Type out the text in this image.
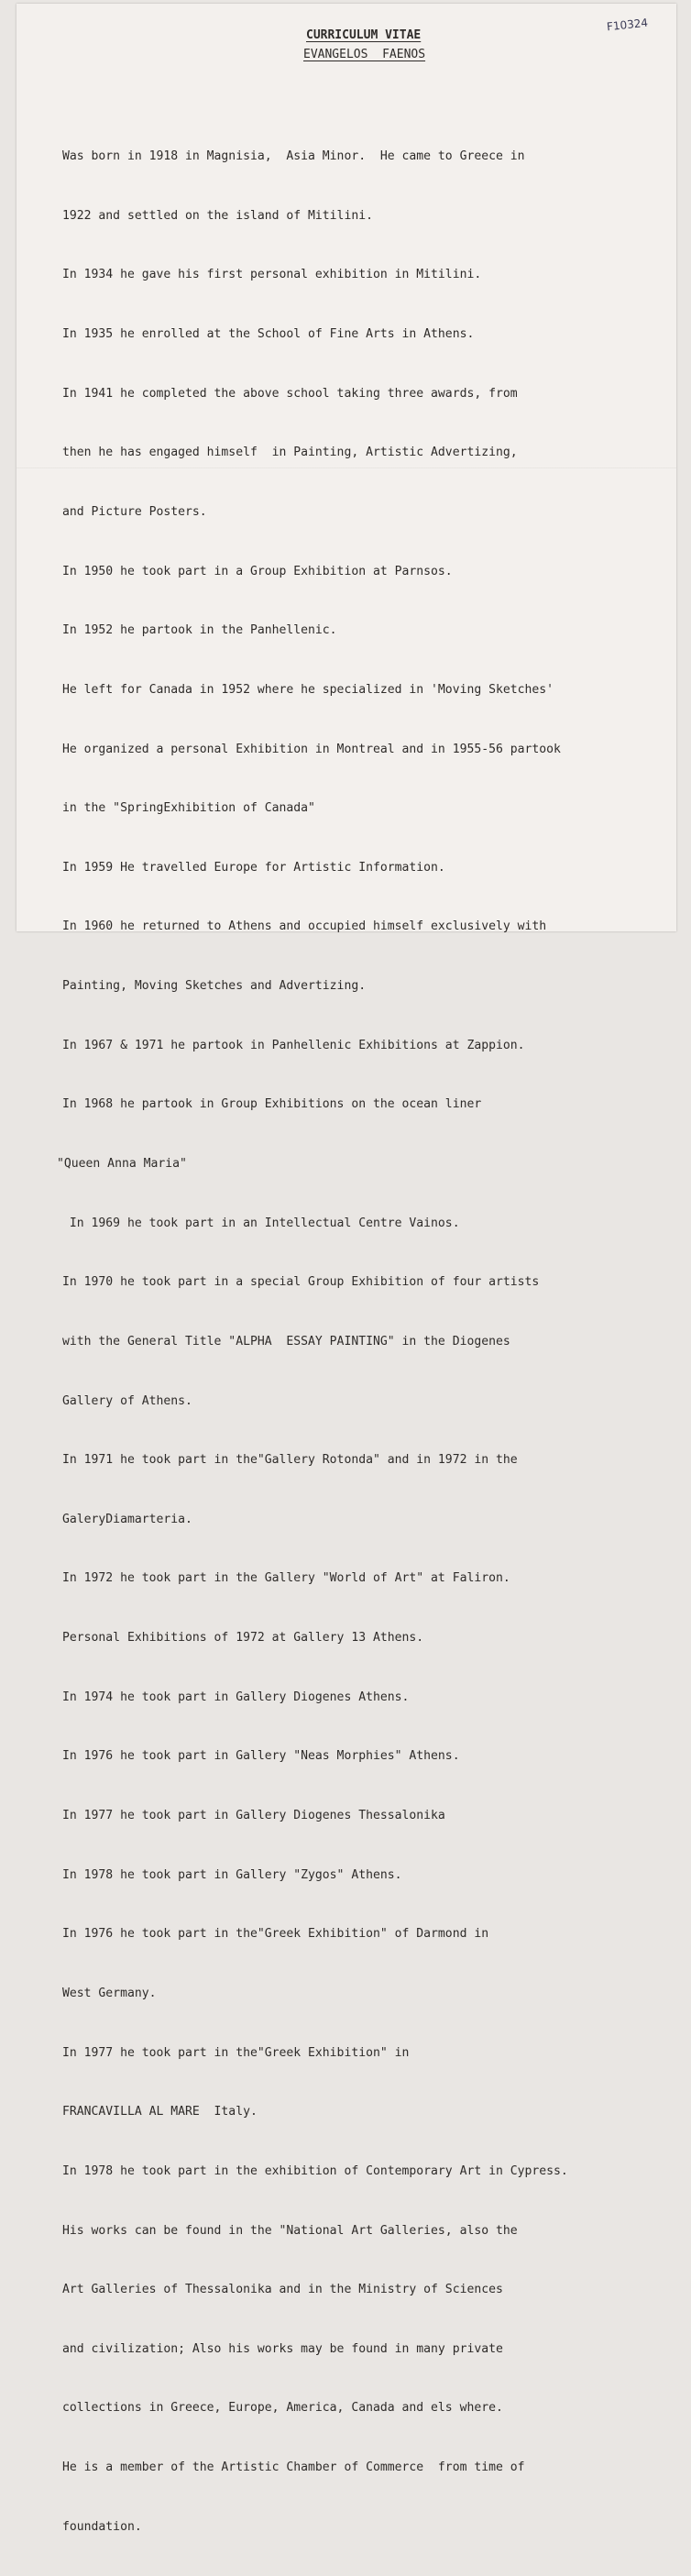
CURRICULUM VITAE
EVANGELOS  FAENOS
F10324

Was born in 1918 in Magnisia,  Asia Minor.  He came to Greece in

1922 and settled on the island of Mitilini.

In 1934 he gave his first personal exhibition in Mitilini.

In 1935 he enrolled at the School of Fine Arts in Athens.

In 1941 he completed the above school taking three awards, from

then he has engaged himself  in Painting, Artistic Advertizing,

and Picture Posters.

In 1950 he took part in a Group Exhibition at Parnsos.

In 1952 he partook in the Panhellenic.

He left for Canada in 1952 where he specialized in 'Moving Sketches'

He organized a personal Exhibition in Montreal and in 1955-56 partook

in the "SpringExhibition of Canada"

In 1959 He travelled Europe for Artistic Information.

In 1960 he returned to Athens and occupied himself exclusively with

Painting, Moving Sketches and Advertizing.

In 1967 & 1971 he partook in Panhellenic Exhibitions at Zappion.

In 1968 he partook in Group Exhibitions on the ocean liner

"Queen Anna Maria"

In 1969 he took part in an Intellectual Centre Vainos.

In 1970 he took part in a special Group Exhibition of four artists

with the General Title "ALPHA  ESSAY PAINTING" in the Diogenes

Gallery of Athens.

In 1971 he took part in the"Gallery Rotonda" and in 1972 in the

GaleryDiamarteria.

In 1972 he took part in the Gallery "World of Art" at Faliron.

Personal Exhibitions of 1972 at Gallery 13 Athens.

In 1974 he took part in Gallery Diogenes Athens.

In 1976 he took part in Gallery "Neas Morphies" Athens.

In 1977 he took part in Gallery Diogenes Thessalonika

In 1978 he took part in Gallery "Zygos" Athens.

In 1976 he took part in the"Greek Exhibition" of Darmond in

West Germany.

In 1977 he took part in the"Greek Exhibition" in

FRANCAVILLA AL MARE  Italy.

In 1978 he took part in the exhibition of Contemporary Art in Cypress.

His works can be found in the "National Art Galleries, also the

Art Galleries of Thessalonika and in the Ministry of Sciences

and civilization; Also his works may be found in many private

collections in Greece, Europe, America, Canada and els where.

He is a member of the Artistic Chamber of Commerce  from time of

foundation.
